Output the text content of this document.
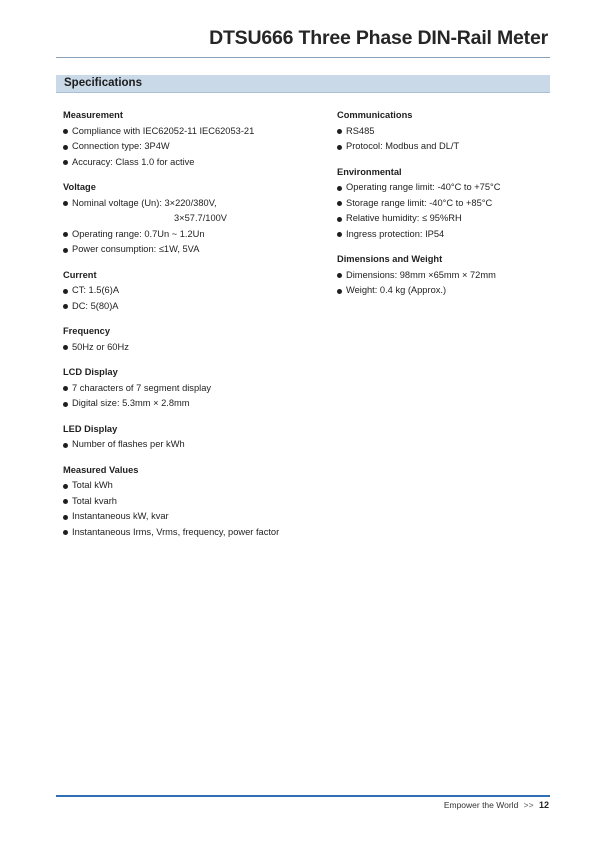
DTSU666 Three Phase DIN-Rail Meter
Specifications
Measurement
Compliance with IEC62052-11 IEC62053-21
Connection type: 3P4W
Accuracy: Class 1.0 for active
Voltage
Nominal voltage (Un): 3×220/380V,
3×57.7/100V
Operating range: 0.7Un ~ 1.2Un
Power consumption: ≤1W, 5VA
Current
CT: 1.5(6)A
DC: 5(80)A
Frequency
50Hz or 60Hz
LCD Display
7 characters of 7 segment display
Digital size: 5.3mm × 2.8mm
LED Display
Number of flashes per kWh
Measured Values
Total kWh
Total kvarh
Instantaneous kW, kvar
Instantaneous Irms, Vrms, frequency, power factor
Communications
RS485
Protocol: Modbus and DL/T
Environmental
Operating range limit: -40°C to +75°C
Storage range limit: -40°C to +85°C
Relative humidity: ≤ 95%RH
Ingress protection: IP54
Dimensions and Weight
Dimensions: 98mm ×65mm × 72mm
Weight: 0.4 kg (Approx.)
Empower the World >> 12
